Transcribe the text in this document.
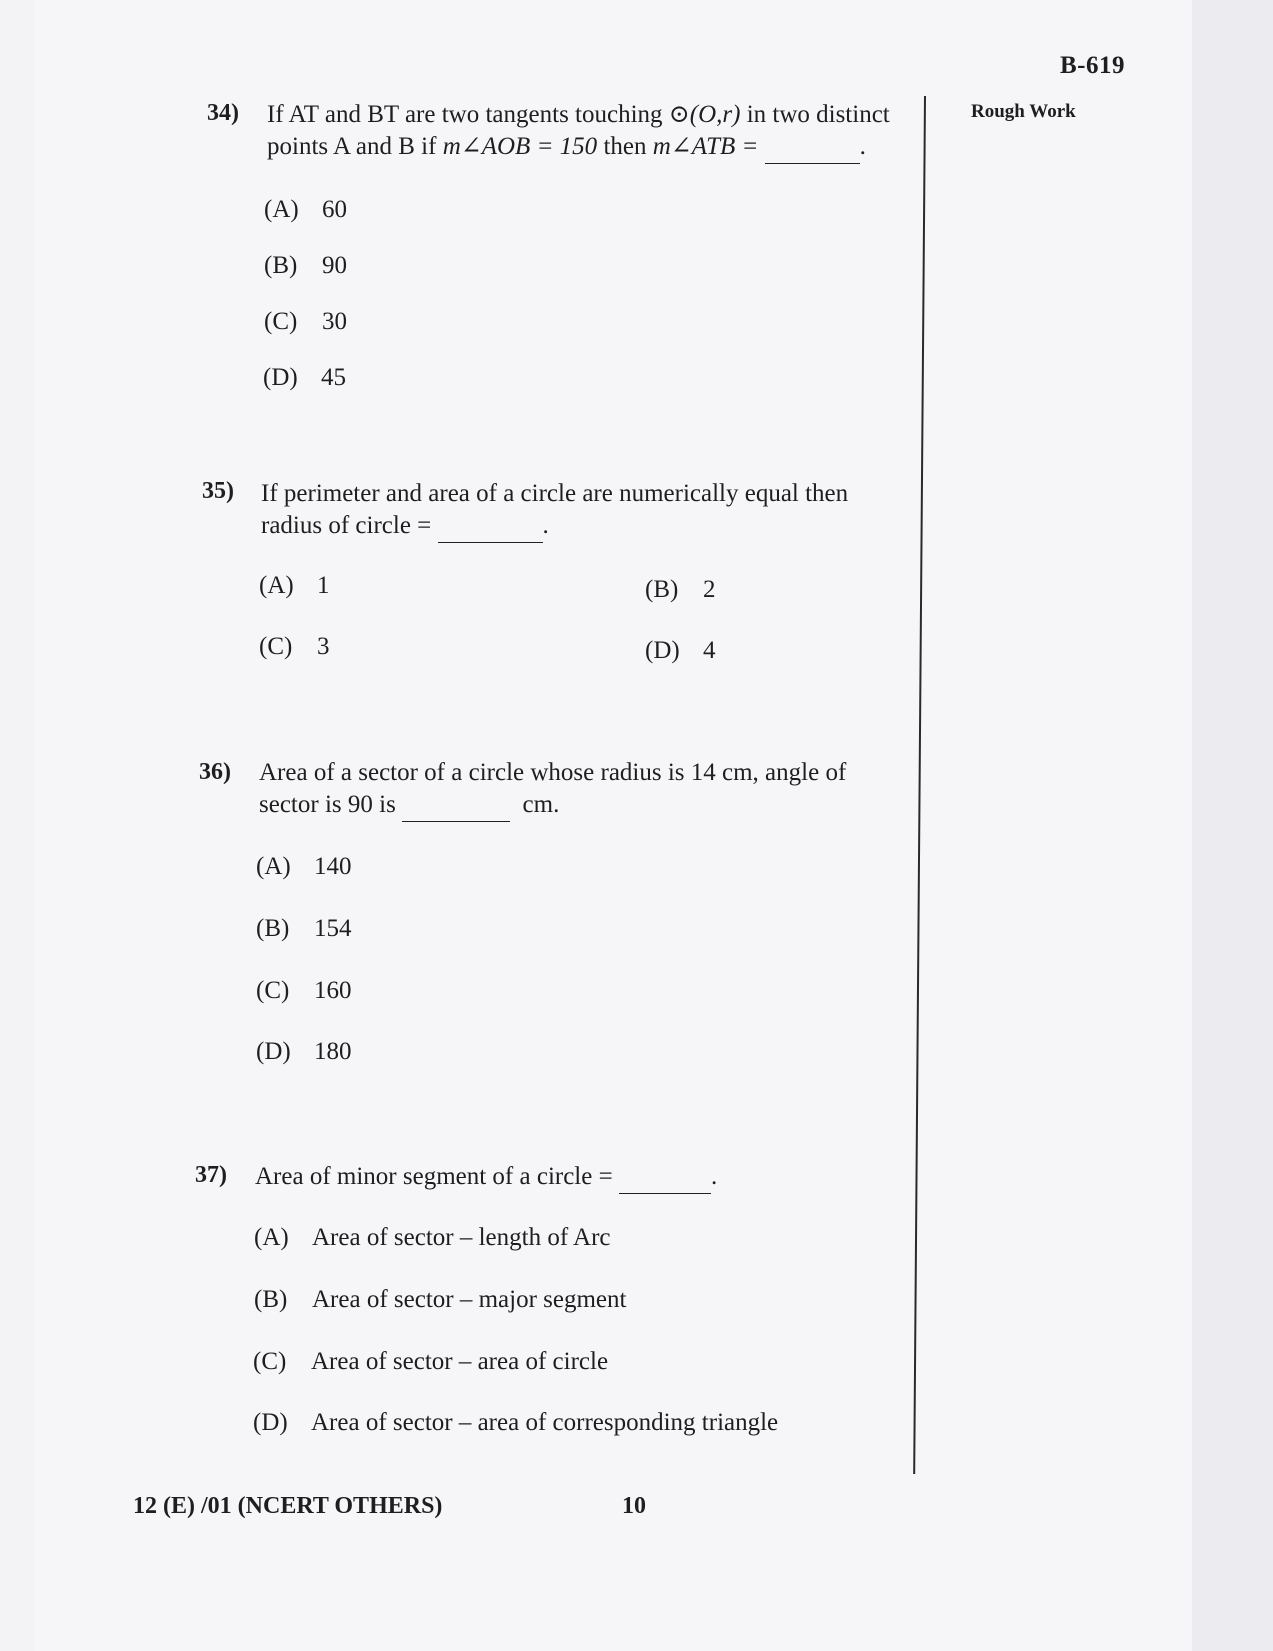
B-619
Rough Work
34) If AT and BT are two tangents touching ⊙(O,r) in two distinct
points A and B if m∠AOB = 150 then m∠ATB =	.
(A) 60
(B) 90
(C) 30
(D) 45
35) If perimeter and area of a circle are numerically equal then
radius of circle =	.
(A) 1	(B) 2
(C) 3	(D) 4
36) Area of a sector of a circle whose radius is 14 cm, angle of
sector is 90 is	cm.
(A) 140
(B) 154
(C) 160
(D) 180
37) Area of minor segment of a circle =	.
(A) Area of sector – length of Arc
(B) Area of sector – major segment
(C) Area of sector – area of circle
(D) Area of sector – area of corresponding triangle
12 (E) /01 (NCERT OTHERS)	10
